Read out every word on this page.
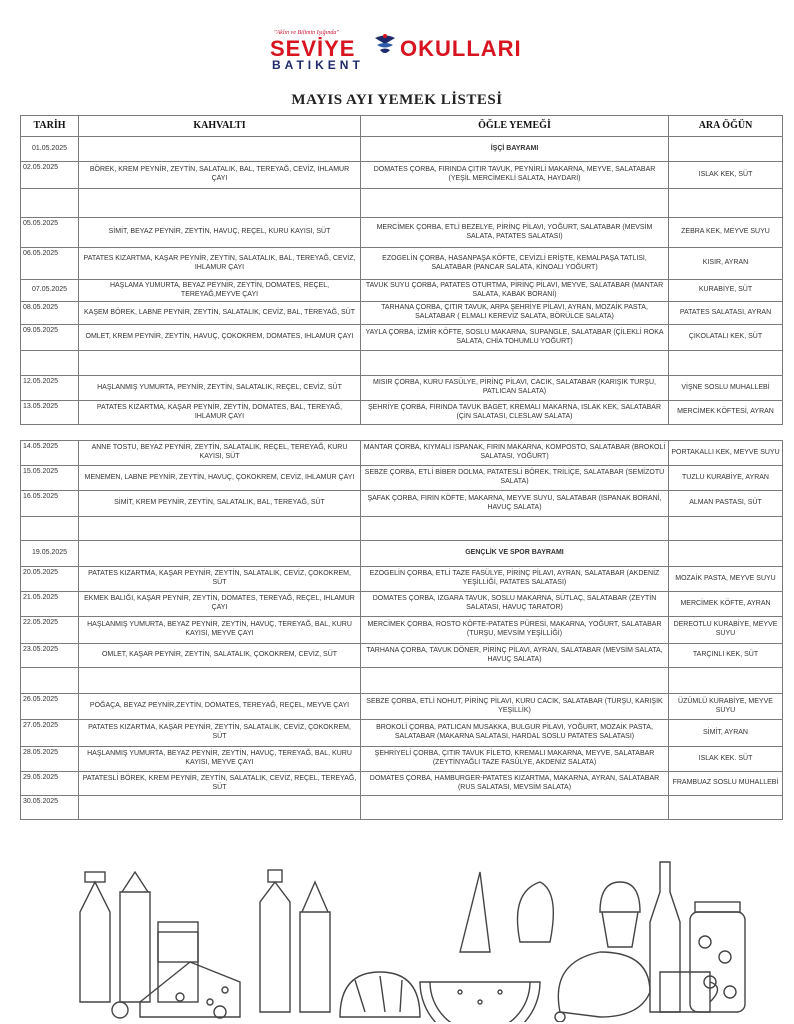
"Aklın ve Bilimin Işığında"
SEVİYE OKULLARI
BATIKENT
MAYIS AYI YEMEK LİSTESİ
TARİH	KAHVALTI	ÖĞLE YEMEĞİ	ARA ÖĞÜN
01.05.2025		İŞÇİ BAYRAMI	
02.05.2025	BÖREK, KREM PEYNİR, ZEYTİN, SALATALIK, BAL, TEREYAĞ, CEVİZ, IHLAMUR ÇAYI	DOMATES ÇORBA, FIRINDA ÇITIR TAVUK, PEYNİRLİ MAKARNA, MEYVE, SALATABAR (YEŞİL MERCİMEKLİ SALATA, HAYDARİ)	ISLAK KEK, SÜT

05.05.2025	SİMİT, BEYAZ PEYNİR, ZEYTİN, HAVUÇ, REÇEL, KURU KAYISI, SÜT	MERCİMEK ÇORBA, ETLİ BEZELYE, PİRİNÇ PİLAVI, YOĞURT, SALATABAR (MEVSİM SALATA, PATATES SALATASI)	ZEBRA KEK, MEYVE SUYU
06.05.2025	PATATES KIZARTMA, KAŞAR PEYNİR, ZEYTİN, SALATALIK, BAL, TEREYAĞ, CEVİZ, IHLAMUR ÇAYI	EZOGELİN ÇORBA, HASANPAŞA KÖFTE, CEVİZLİ ERİŞTE, KEMALPAŞA TATLISI, SALATABAR (PANCAR SALATA, KİNOALI YOĞURT)	KISIR, AYRAN
07.05.2025	HAŞLAMA YUMURTA, BEYAZ PEYNİR, ZEYTİN, DOMATES, REÇEL, TEREYAĞ,MEYVE ÇAYI	TAVUK SUYU ÇORBA, PATATES OTURTMA, PİRİNÇ PİLAVI, MEYVE, SALATABAR (MANTAR SALATA, KABAK BORANİ)	KURABİYE, SÜT
08.05.2025	KAŞEM BÖREK, LABNE PEYNİR, ZEYTİN, SALATALIK, CEVİZ, BAL, TEREYAĞ, SÜT	TARHANA ÇORBA, ÇITIR TAVUK, ARPA ŞEHRİYE PİLAVI, AYRAN, MOZAİK PASTA, SALATABAR ( ELMALI KEREVİZ SALATA, BÖRÜLCE SALATA)	PATATES SALATASI, AYRAN
09.05.2025	OMLET, KREM PEYNİR, ZEYTİN, HAVUÇ, ÇOKOKREM, DOMATES, IHLAMUR ÇAYI	YAYLA ÇORBA, İZMİR KÖFTE, SOSLU MAKARNA, SUPANGLE, SALATABAR (ÇİLEKLİ ROKA SALATA, CHİA TOHUMLU YOĞURT)	ÇİKOLATALI KEK, SÜT

12.05.2025	HAŞLANMIŞ YUMURTA, PEYNİR, ZEYTİN, SALATALIK, REÇEL, CEVİZ, SÜT	MISIR ÇORBA, KURU FASÜLYE, PİRİNÇ PİLAVI, CACIK, SALATABAR (KARIŞIK TURŞU, PATLICAN SALATA)	VİŞNE SOSLU MUHALLEBİ
13.05.2025	PATATES KIZARTMA, KAŞAR PEYNİR, ZEYTİN, DOMATES, BAL, TEREYAĞ, IHLAMUR ÇAYI	ŞEHRİYE ÇORBA, FIRINDA TAVUK BAGET, KREMALI MAKARNA, ISLAK KEK, SALATABAR (ÇİN SALATASI, CLESLAW SALATA)	MERCİMEK KÖFTESİ, AYRAN
14.05.2025	ANNE TOSTU, BEYAZ PEYNİR, ZEYTİN, SALATALIK, REÇEL, TEREYAĞ, KURU KAYISI, SÜT	MANTAR ÇORBA, KIYMALI ISPANAK, FIRIN MAKARNA, KOMPOSTO, SALATABAR (BROKOLİ SALATASI, YOĞURT)	PORTAKALLI KEK, MEYVE SUYU
15.05.2025	MENEMEN, LABNE PEYNİR, ZEYTİN, HAVUÇ, ÇOKOKREM, CEVİZ, IHLAMUR ÇAYI	SEBZE ÇORBA, ETLİ BİBER DOLMA, PATATESLİ BÖREK, TRİLİÇE, SALATABAR (SEMİZOTU SALATA)	TUZLU KURABİYE, AYRAN
16.05.2025	SİMİT, KREM PEYNİR, ZEYTİN, SALATALIK, BAL, TEREYAĞ, SÜT	ŞAFAK ÇORBA, FIRIN KÖFTE, MAKARNA, MEYVE SUYU, SALATABAR (ISPANAK BORANİ, HAVUÇ SALATA)	ALMAN PASTASI, SÜT

19.05.2025		GENÇLİK VE SPOR BAYRAMI	
20.05.2025	PATATES KIZARTMA, KAŞAR PEYNİR, ZEYTİN, SALATALIK, CEVİZ, ÇOKOKREM, SÜT	EZOGELİN ÇORBA, ETLİ TAZE FASÜLYE, PİRİNÇ PİLAVI, AYRAN, SALATABAR (AKDENİZ YEŞİLLİĞİ, PATATES SALATASI)	MOZAİK PASTA, MEYVE SUYU
21.05.2025	EKMEK BALIĞI, KAŞAR PEYNİR, ZEYTİN, DOMATES, TEREYAĞ, REÇEL, IHLAMUR ÇAYI	DOMATES ÇORBA, IZGARA TAVUK, SOSLU MAKARNA, SÜTLAÇ, SALATABAR (ZEYTİN SALATASI, HAVUÇ TARATOR)	MERCİMEK KÖFTE, AYRAN
22.05.2025	HAŞLANMIŞ YUMURTA, BEYAZ PEYNİR, ZEYTİN, HAVUÇ, TEREYAĞ, BAL, KURU KAYISI, MEYVE ÇAYI	MERCİMEK ÇORBA, ROSTO KÖFTE-PATATES PÜRESİ, MAKARNA, YOĞURT, SALATABAR (TURŞU, MEVSİM YEŞİLLİĞİ)	DEREOTLU KURABİYE, MEYVE SUYU
23.05.2025	OMLET, KAŞAR PEYNİR, ZEYTİN, SALATALIK, ÇOKOKREM, CEVİZ, SÜT	TARHANA ÇORBA, TAVUK DÖNER, PİRİNÇ PİLAVI, AYRAN, SALATABAR (MEVSİM SALATA, HAVUÇ SALATA)	TARÇINLI KEK, SÜT

26.05.2025	POĞAÇA, BEYAZ PEYNİR,ZEYTİN, DOMATES, TEREYAĞ, REÇEL, MEYVE ÇAYI	SEBZE ÇORBA, ETLİ NOHUT, PİRİNÇ PİLAVI, KURU CACIK, SALATABAR (TURŞU, KARIŞIK YEŞİLLİK)	ÜZÜMLÜ KURABİYE, MEYVE SUYU
27.05.2025	PATATES KIZARTMA, KAŞAR PEYNİR, ZEYTİN, SALATALIK, CEVİZ, ÇOKOKREM, SÜT	BROKOLİ ÇORBA, PATLICAN MUSAKKA, BULGUR PİLAVI, YOĞURT, MOZAİK PASTA, SALATABAR (MAKARNA SALATASI, HARDAL SOSLU PATATES SALATASI)	SİMİT, AYRAN
28.05.2025	HAŞLANMIŞ YUMURTA, BEYAZ PEYNİR, ZEYTİN, HAVUÇ, TEREYAĞ, BAL, KURU KAYISI, MEYVE ÇAYI	ŞEHRİYELİ ÇORBA, ÇITIR TAVUK FİLETO, KREMALI MAKARNA, MEYVE, SALATABAR (ZEYTİNYAĞLI TAZE FASÜLYE, AKDENİZ SALATA)	ISLAK KEK. SÜT
29.05.2025	PATATESLİ BÖREK, KREM PEYNİR, ZEYTİN, SALATALIK, CEVİZ, REÇEL, TEREYAĞ, SÜT	DOMATES ÇORBA, HAMBURGER-PATATES KIZARTMA, MAKARNA, AYRAN, SALATABAR (RUS SALATASI, MEVSİM SALATA)	FRAMBUAZ SOSLU MUHALLEBİ
30.05.2025			
